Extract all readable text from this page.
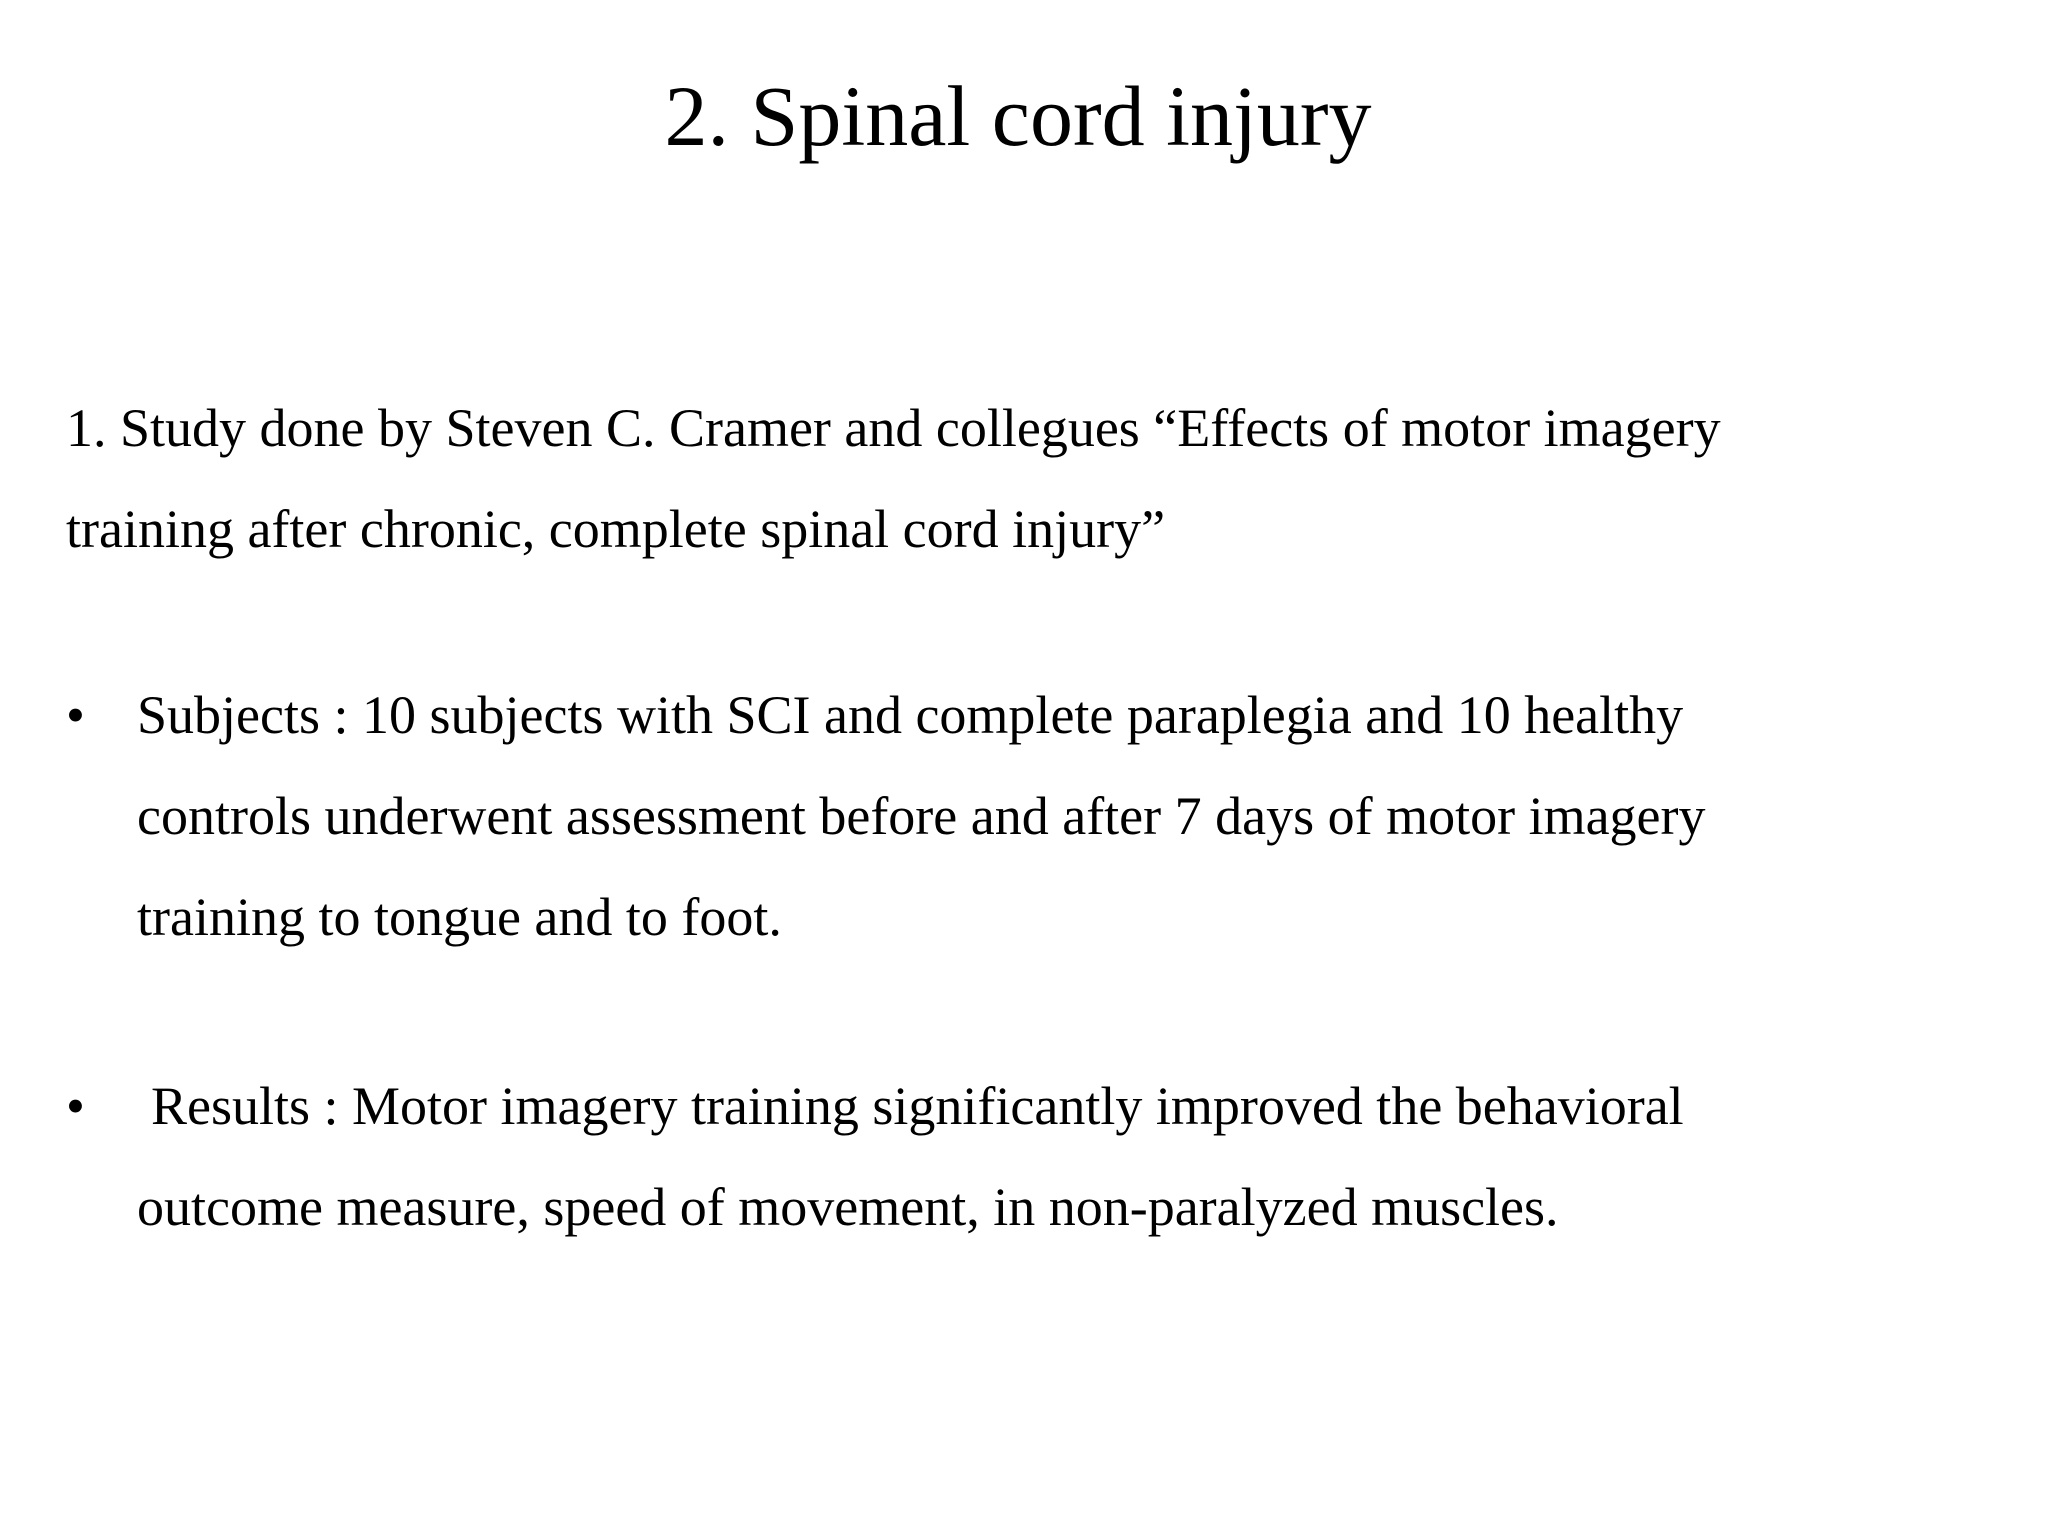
2. Spinal cord injury

1. Study done by Steven C. Cramer and collegues “Effects of motor imagery

training after chronic, complete spinal cord injury”

• Subjects : 10 subjects with SCI and complete paraplegia and 10 healthy

controls underwent assessment before and after 7 days of motor imagery

training to tongue and to foot.

•	Results : Motor imagery training significantly improved the behavioral

outcome measure, speed of movement, in non-paralyzed muscles.
